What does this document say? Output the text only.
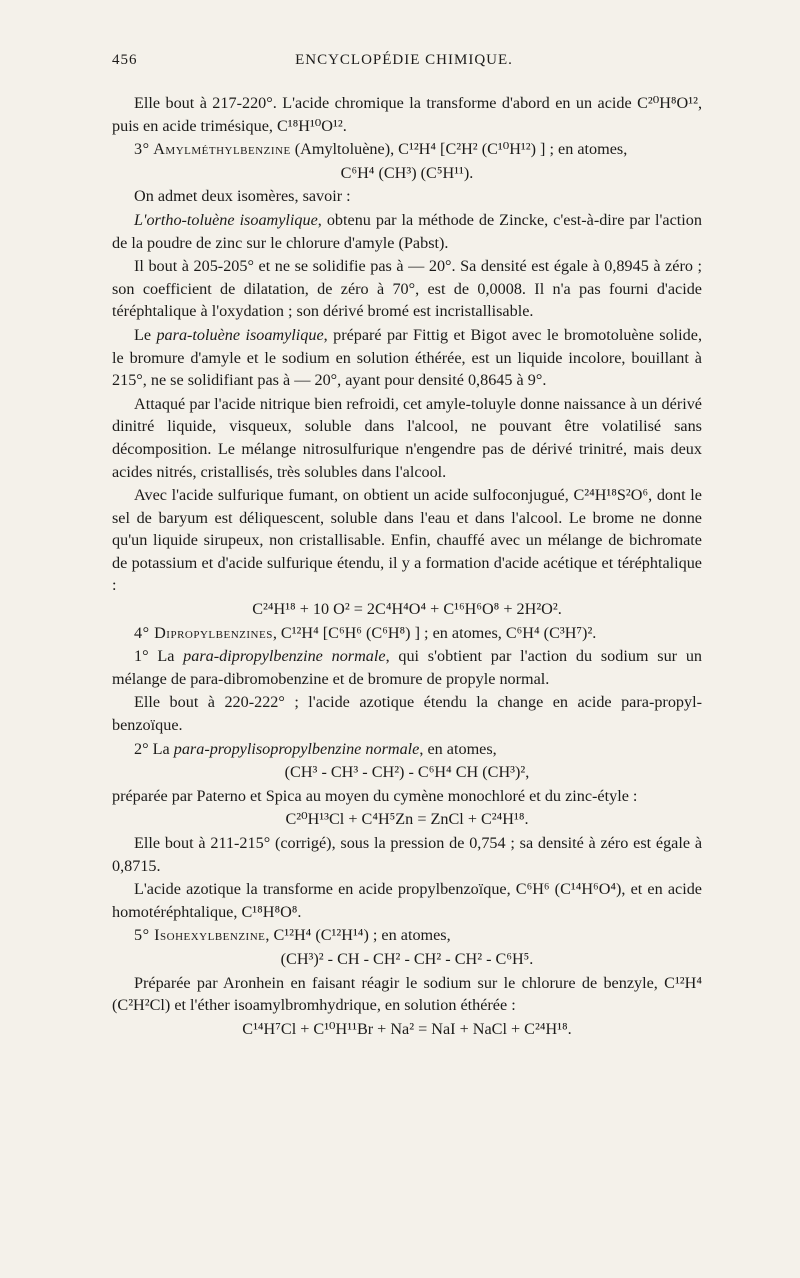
456	ENCYCLOPÉDIE CHIMIQUE.

Elle bout à 217-220°. L'acide chromique la transforme d'abord en un acide C²⁰H⁸O¹², puis en acide trimésique, C¹⁸H¹⁰O¹².

3° Amylméthylbenzine (Amyltoluène), C¹²H⁴ [C²H² (C¹⁰H¹²) ] ; en atomes,

C⁶H⁴ (CH³) (C⁵H¹¹).

On admet deux isomères, savoir :

L'ortho-toluène isoamylique, obtenu par la méthode de Zincke, c'est-à-dire par l'action de la poudre de zinc sur le chlorure d'amyle (Pabst).

Il bout à 205-205° et ne se solidifie pas à — 20°. Sa densité est égale à 0,8945 à zéro ; son coefficient de dilatation, de zéro à 70°, est de 0,0008. Il n'a pas fourni d'acide téréphtalique à l'oxydation ; son dérivé bromé est incristallisable.

Le para-toluène isoamylique, préparé par Fittig et Bigot avec le bromotoluène solide, le bromure d'amyle et le sodium en solution éthérée, est un liquide incolore, bouillant à 215°, ne se solidifiant pas à — 20°, ayant pour densité 0,8645 à 9°.

Attaqué par l'acide nitrique bien refroidi, cet amyle-toluyle donne naissance à un dérivé dinitré liquide, visqueux, soluble dans l'alcool, ne pouvant être volatilisé sans décomposition. Le mélange nitrosulfurique n'engendre pas de dérivé trinitré, mais deux acides nitrés, cristallisés, très solubles dans l'alcool.

Avec l'acide sulfurique fumant, on obtient un acide sulfoconjugué, C²⁴H¹⁸S²O⁶, dont le sel de baryum est déliquescent, soluble dans l'eau et dans l'alcool. Le brome ne donne qu'un liquide sirupeux, non cristallisable. Enfin, chauffé avec un mélange de bichromate de potassium et d'acide sulfurique étendu, il y a formation d'acide acétique et téréphtalique :

C²⁴H¹⁸ + 10 O² = 2C⁴H⁴O⁴ + C¹⁶H⁶O⁸ + 2H²O².

4° Dipropylbenzines, C¹²H⁴ [C⁶H⁶ (C⁶H⁸) ] ; en atomes, C⁶H⁴ (C³H⁷)².

1° La para-dipropylbenzine normale, qui s'obtient par l'action du sodium sur un mélange de para-dibromobenzine et de bromure de propyle normal.

Elle bout à 220-222° ; l'acide azotique étendu la change en acide para-propyl-benzoïque.

2° La para-propylisopropylbenzine normale, en atomes,

(CH³ - CH³ - CH²) - C⁶H⁴ CH (CH³)²,

préparée par Paterno et Spica au moyen du cymène monochloré et du zinc-étyle :

C²⁰H¹³Cl + C⁴H⁵Zn = ZnCl + C²⁴H¹⁸.

Elle bout à 211-215° (corrigé), sous la pression de 0,754 ; sa densité à zéro est égale à 0,8715.

L'acide azotique la transforme en acide propylbenzoïque, C⁶H⁶ (C¹⁴H⁶O⁴), et en acide homotéréphtalique, C¹⁸H⁸O⁸.

5° Isohexylbenzine, C¹²H⁴ (C¹²H¹⁴) ; en atomes,

(CH³)² - CH - CH² - CH² - CH² - C⁶H⁵.

Préparée par Aronhein en faisant réagir le sodium sur le chlorure de benzyle, C¹²H⁴ (C²H²Cl) et l'éther isoamylbromhydrique, en solution éthérée :

C¹⁴H⁷Cl + C¹⁰H¹¹Br + Na² = NaI + NaCl + C²⁴H¹⁸.
